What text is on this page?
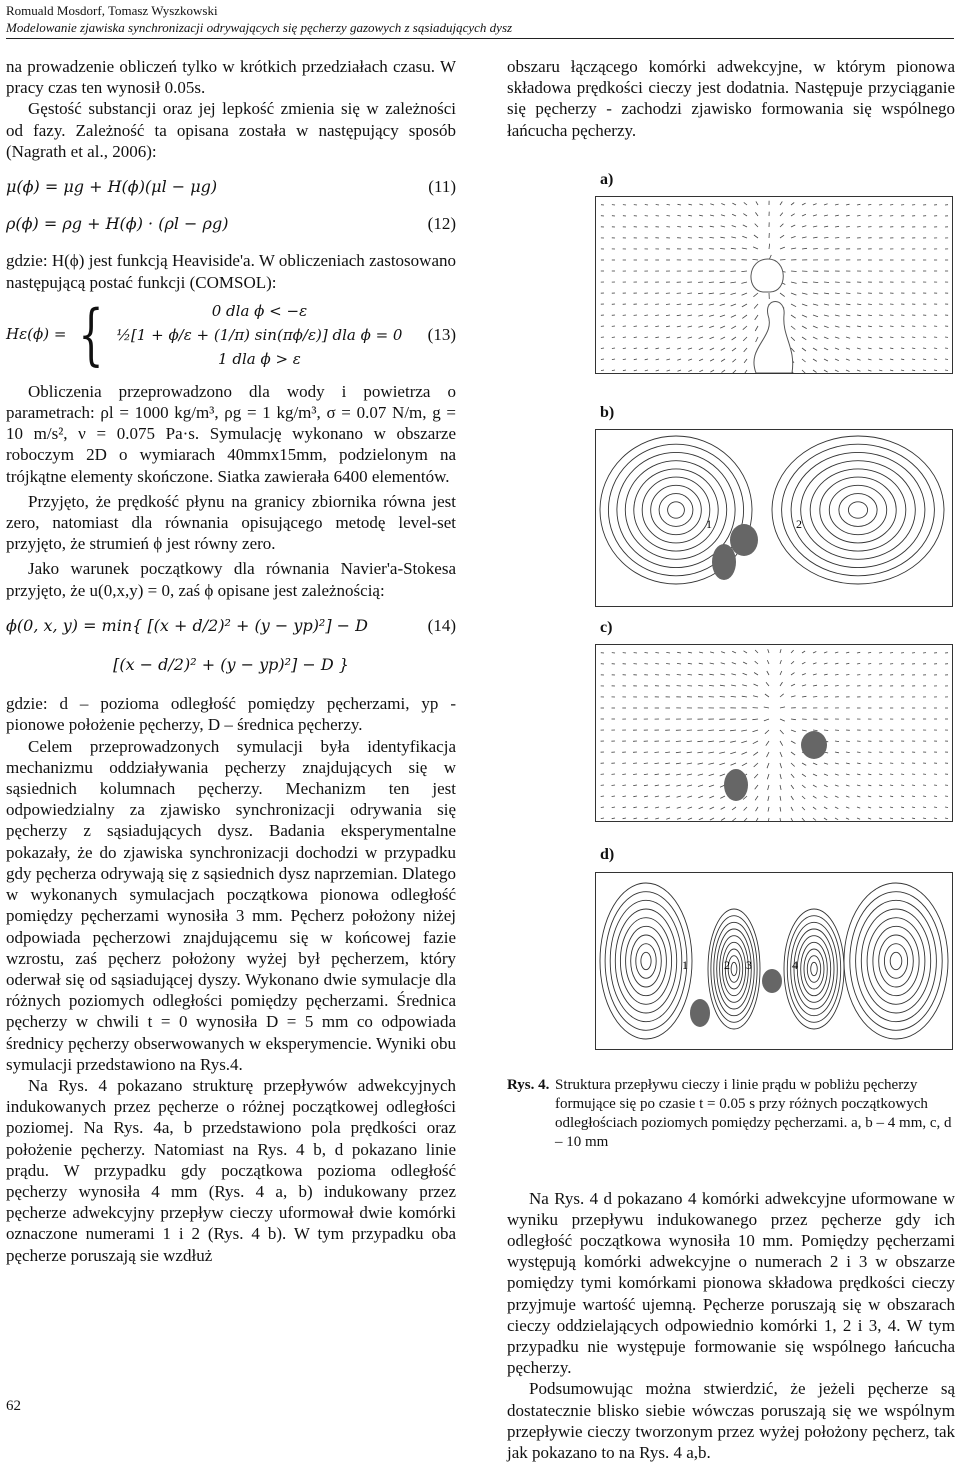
Romuald Mosdorf, Tomasz Wyszkowski
Modelowanie zjawiska synchronizacji odrywających się pęcherzy gazowych z sąsiadujących dysz

na prowadzenie obliczeń tylko w krótkich przedziałach czasu. W pracy czas ten wynosił 0.05s.

Gęstość substancji oraz jej lepkość zmienia się w zależności od fazy. Zależność ta opisana została w następujący sposób (Nagrath et al., 2006):

μ(ϕ) = μg + H(ϕ)(μl − μg)	(11)
ρ(ϕ) = ρg + H(ϕ) · (ρl − ρg)	(12)

gdzie: H(ϕ) jest funkcją Heaviside'a. W obliczeniach zastosowano następującą postać funkcji (COMSOL):

Hε(ϕ) = {	0 dla ϕ < −ε
½[1 + ϕ/ε + (1/π) sin(πϕ/ε)] dla ϕ = 0
1 dla ϕ > ε
(13)

Obliczenia przeprowadzono dla wody i powietrza o parametrach: ρl = 1000 kg/m³, ρg = 1 kg/m³, σ = 0.07 N/m, g = 10 m/s², ν = 0.075 Pa·s. Symulację wykonano w obszarze roboczym 2D o wymiarach 40mmx15mm, podzielonym na trójkątne elementy skończone. Siatka zawierała 6400 elementów.

Przyjęto, że prędkość płynu na granicy zbiornika równa jest zero, natomiast dla równania opisującego metodę level-set przyjęto, że strumień ϕ jest równy zero.

Jako warunek początkowy dla równania Navier'a-Stokesa przyjęto, że u(0,x,y) = 0, zaś ϕ opisane jest zależnością:

ϕ(0, x, y) = min{ [(x + d/2)² + (y − yp)²] − D	(14)
[(x − d/2)² + (y − yp)²] − D }

gdzie: d – pozioma odległość pomiędzy pęcherzami, yp - pionowe położenie pęcherzy, D – średnica pęcherzy.

Celem przeprowadzonych symulacji była identyfikacja mechanizmu oddziaływania pęcherzy znajdujących się w sąsiednich kolumnach pęcherzy. Mechanizm ten jest odpowiedzialny za zjawisko synchronizacji odrywania się pęcherzy z sąsiadujących dysz. Badania eksperymentalne pokazały, że do zjawiska synchronizacji dochodzi w przypadku gdy pęcherza odrywają się z sąsiednich dysz naprzemian. Dlatego w wykonanych symulacjach początkowa pionowa odległość pomiędzy pęcherzami wynosiła 3 mm. Pęcherz położony niżej odpowiada pęcherzowi znajdującemu się w końcowej fazie wzrostu, zaś pęcherz położony wyżej był pęcherzem, który oderwał się od sąsiadującej dyszy. Wykonano dwie symulacje dla różnych poziomych odległości pomiędzy pęcherzami. Średnica pęcherzy w chwili t = 0 wynosiła D = 5 mm co odpowiada średnicy pęcherzy obserwowanych w eksperymencie. Wyniki obu symulacji przedstawiono na Rys.4.

Na Rys. 4 pokazano strukturę przepływów adwekcyjnych indukowanych przez pęcherze o różnej początkowej odległości poziomej. Na Rys. 4a, b przedstawiono pola prędkości oraz położenie pęcherzy. Natomiast na Rys. 4 b, d pokazano linie prądu. W przypadku gdy początkowa pozioma odległość pęcherzy wynosiła 4 mm (Rys. 4 a, b) indukowany przez pęcherze adwekcyjny przepływ cieczy uformował dwie komórki oznaczone numerami 1 i 2 (Rys. 4 b). W tym przypadku oba pęcherze poruszają sie wzdłuż

obszaru łączącego komórki adwekcyjne, w którym pionowa składowa prędkości cieczy jest dodatnia. Następuje przyciąganie się pęcherzy - zachodzi zjawisko formowania się wspólnego łańcucha pęcherzy.

a)
b)
1	2
c)
d)
1	2 3	4
Rys. 4. Struktura przepływu cieczy i linie prądu w pobliżu pęcherzy formujące się po czasie t = 0.05 s przy różnych początkowych odległościach poziomych pomiędzy pęcherzami. a, b – 4 mm, c, d – 10 mm

Na Rys. 4 d pokazano 4 komórki adwekcyjne uformowane w wyniku przepływu indukowanego przez pęcherze gdy ich odległość początkowa wynosiła 10 mm. Pomiędzy pęcherzami występują komórki adwekcyjne o numerach 2 i 3 w obszarze pomiędzy tymi komórkami pionowa składowa prędkości cieczy przyjmuje wartość ujemną. Pęcherze poruszają się w obszarach cieczy oddzielających odpowiednio komórki 1, 2 i 3, 4. W tym przypadku nie występuje formowanie się wspólnego łańcucha pęcherzy.

Podsumowując można stwierdzić, że jeżeli pęcherze są dostatecznie blisko siebie wówczas poruszają się we wspólnym przepływie cieczy tworzonym przez wyżej położony pęcherz, tak jak pokazano to na Rys. 4 a,b.

62
